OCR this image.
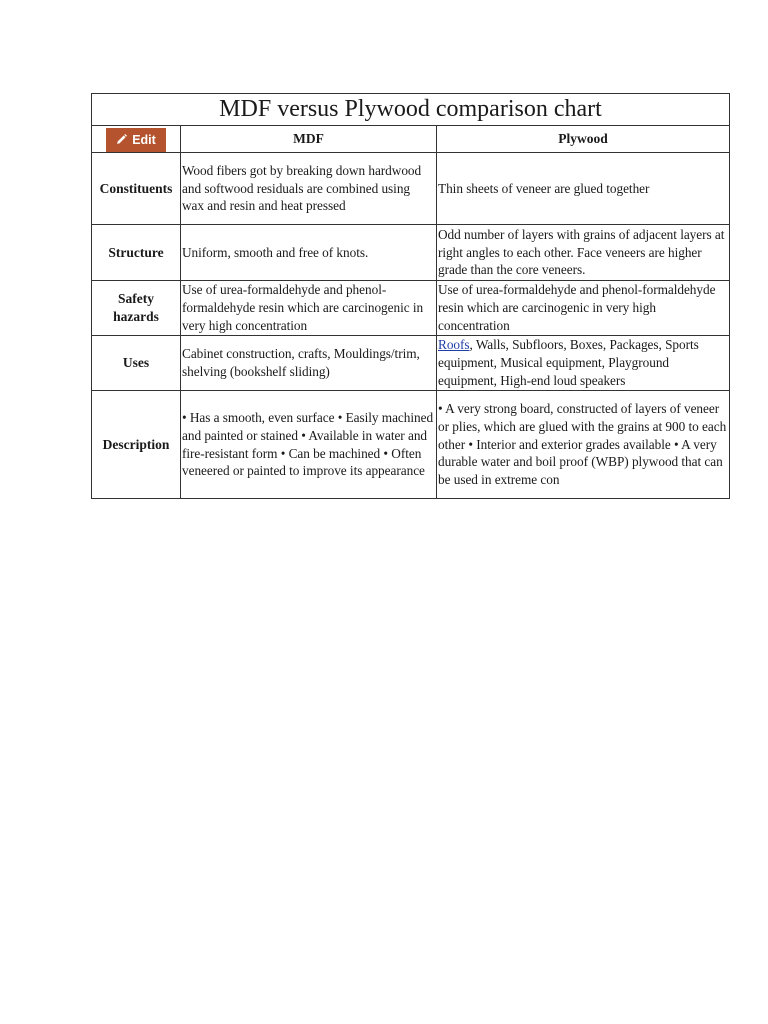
MDF versus Plywood comparison chart		

Edit	MDF	Plywood
Constituents	Wood fibers got by breaking down hardwood and softwood residuals are combined using wax and resin and heat pressed	Thin sheets of veneer are glued together
Structure	Uniform, smooth and free of knots.	Odd number of layers with grains of adjacent layers at right angles to each other. Face veneers are higher grade than the core veneers.
Safety hazards	Use of urea-formaldehyde and phenol-formaldehyde resin which are carcinogenic in very high concentration	Use of urea-formaldehyde and phenol-formaldehyde resin which are carcinogenic in very high concentration
Uses	Cabinet construction, crafts, Mouldings/trim, shelving (bookshelf sliding)	Roofs, Walls, Subfloors, Boxes, Packages, Sports equipment, Musical equipment, Playground equipment, High-end loud speakers
Description	• Has a smooth, even surface • Easily machined and painted or stained • Available in water and fire-resistant form • Can be machined • Often veneered or painted to improve its appearance	• A very strong board, constructed of layers of veneer or plies, which are glued with the grains at 900 to each other • Interior and exterior grades available • A very durable water and boil proof (WBP) plywood that can be used in extreme con
